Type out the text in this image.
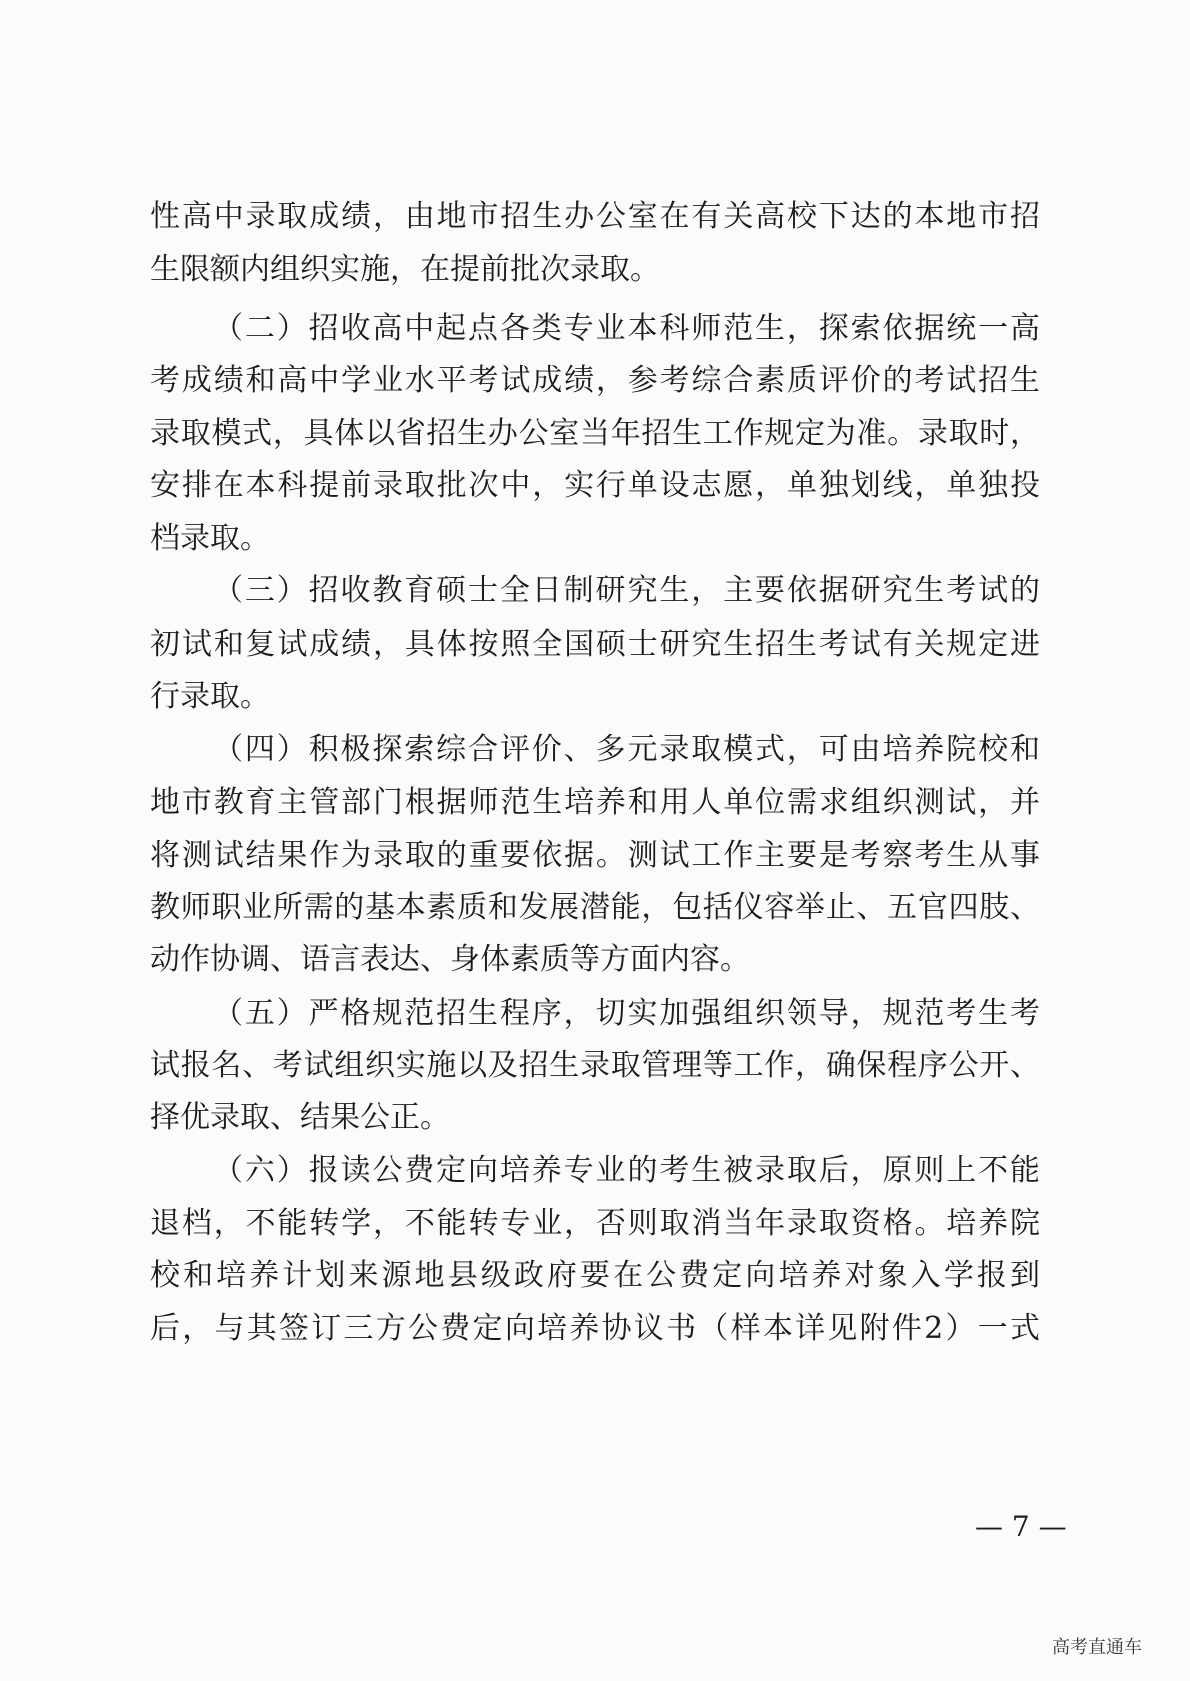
性高中录取成绩，由地市招生办公室在有关高校下达的本地市招
生限额内组织实施，在提前批次录取。
（二）招收高中起点各类专业本科师范生，探索依据统一高
考成绩和高中学业水平考试成绩，参考综合素质评价的考试招生
录取模式，具体以省招生办公室当年招生工作规定为准。录取时，
安排在本科提前录取批次中，实行单设志愿，单独划线，单独投
档录取。
（三）招收教育硕士全日制研究生，主要依据研究生考试的
初试和复试成绩，具体按照全国硕士研究生招生考试有关规定进
行录取。
（四）积极探索综合评价、多元录取模式，可由培养院校和
地市教育主管部门根据师范生培养和用人单位需求组织测试，并
将测试结果作为录取的重要依据。测试工作主要是考察考生从事
教师职业所需的基本素质和发展潜能，包括仪容举止、五官四肢、
动作协调、语言表达、身体素质等方面内容。
（五）严格规范招生程序，切实加强组织领导，规范考生考
试报名、考试组织实施以及招生录取管理等工作，确保程序公开、
择优录取、结果公正。
（六）报读公费定向培养专业的考生被录取后，原则上不能
退档，不能转学，不能转专业，否则取消当年录取资格。培养院
校和培养计划来源地县级政府要在公费定向培养对象入学报到
后，与其签订三方公费定向培养协议书（样本详见附件2）一式
— 7 —
高考直通车
